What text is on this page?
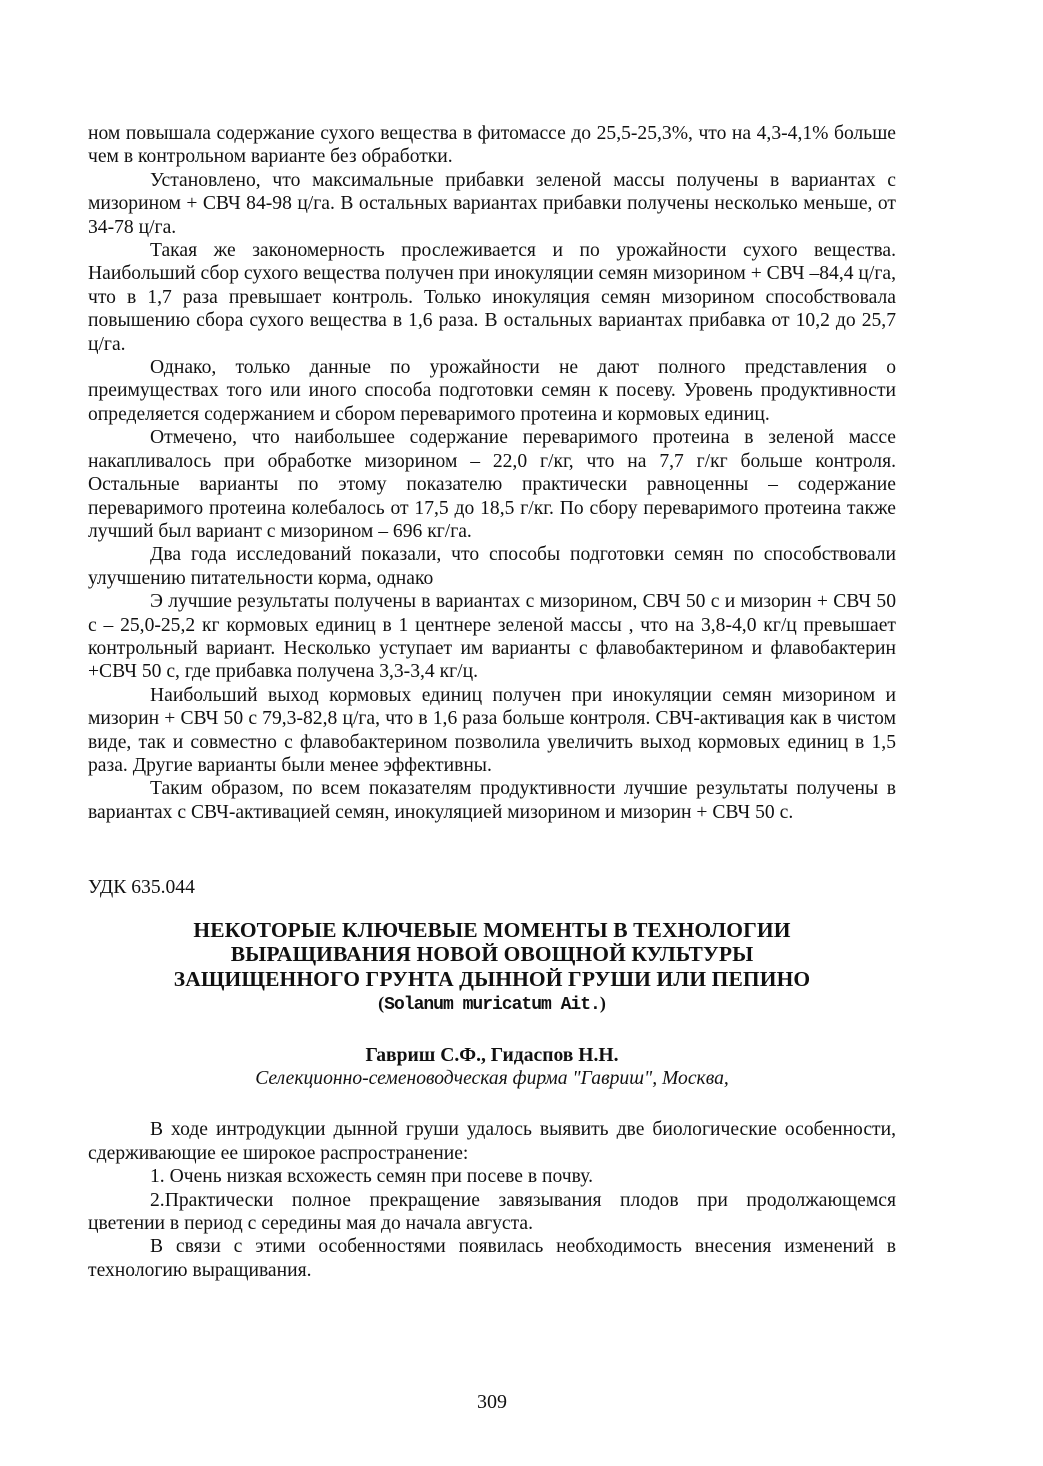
ном повышала содержание сухого вещества в фитомассе до 25,5-25,3%, что на 4,3-4,1% больше чем в контрольном варианте без обработки.

Установлено, что максимальные прибавки зеленой массы получены в вариантах с мизорином + СВЧ 84-98 ц/га. В остальных вариантах прибавки получены несколько меньше, от 34-78 ц/га.

Такая же закономерность прослеживается и по урожайности сухого вещества. Наибольший сбор сухого вещества получен при инокуляции семян мизорином + СВЧ –84,4 ц/га, что в 1,7 раза превышает контроль. Только инокуляция семян мизорином способствовала повышению сбора сухого вещества в 1,6 раза. В остальных вариантах прибавка от 10,2 до 25,7 ц/га.

Однако, только данные по урожайности не дают полного представления о преимуществах того или иного способа подготовки семян к посеву. Уровень продуктивности определяется содержанием и сбором переваримого протеина и кормовых единиц.

Отмечено, что наибольшее содержание переваримого протеина в зеленой массе накапливалось при обработке мизорином – 22,0 г/кг, что на 7,7 г/кг больше контроля. Остальные варианты по этому показателю практически равноценны – содержание переваримого протеина колебалось от 17,5 до 18,5 г/кг. По сбору переваримого протеина также лучший был вариант с мизорином – 696 кг/га.

Два года исследований показали, что способы подготовки семян по способствовали улучшению питательности корма, однако

Э лучшие результаты получены в вариантах с мизорином, СВЧ 50 с и мизорин + СВЧ 50 с – 25,0-25,2 кг кормовых единиц в 1 центнере зеленой массы , что на 3,8-4,0 кг/ц превышает контрольный вариант. Несколько уступает им варианты с флавобактерином и флавобактерин +СВЧ 50 с, где прибавка получена 3,3-3,4 кг/ц.

Наибольший выход кормовых единиц получен при инокуляции семян мизорином и мизорин + СВЧ 50 с 79,3-82,8 ц/га, что в 1,6 раза больше контроля. СВЧ-активация как в чистом виде, так и совместно с флавобактерином позволила увеличить выход кормовых единиц в 1,5 раза. Другие варианты были менее эффективны.

Таким образом, по всем показателям продуктивности лучшие результаты получены в вариантах с СВЧ-активацией семян, инокуляцией мизорином и мизорин + СВЧ 50 с.

УДК 635.044

НЕКОТОРЫЕ КЛЮЧЕВЫЕ МОМЕНТЫ В ТЕХНОЛОГИИ

ВЫРАЩИВАНИЯ НОВОЙ ОВОЩНОЙ КУЛЬТУРЫ

ЗАЩИЩЕННОГО ГРУНТА ДЫННОЙ ГРУШИ ИЛИ ПЕПИНО

(Solanum muricatum Ait.)

Гавриш С.Ф., Гидаспов Н.Н.

Селекционно-семеноводческая фирма "Гавриш", Москва,

В ходе интродукции дынной груши удалось выявить две биологические особенности, сдерживающие ее широкое распространение:

1. Очень низкая всхожесть семян при посеве в почву.

2.Практически полное прекращение завязывания плодов при продолжающемся цветении в период с середины мая до начала августа.

В связи с этими особенностями появилась необходимость внесения изменений в технологию выращивания.

309
